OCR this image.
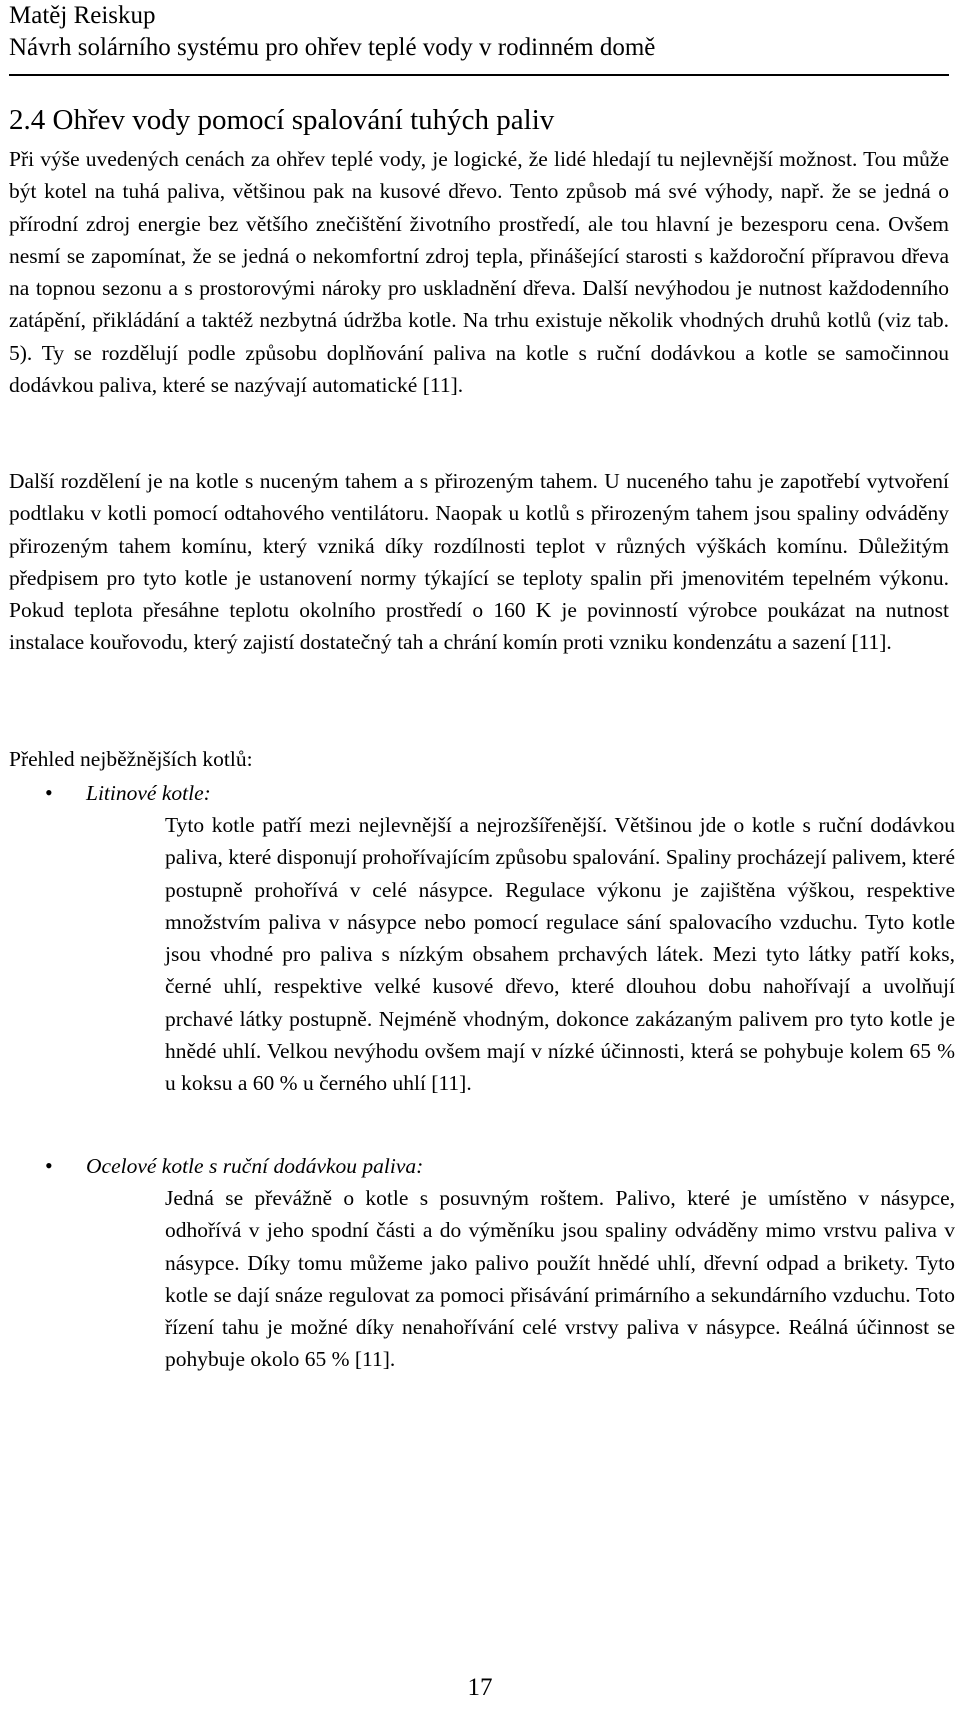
Matěj Reiskup
Návrh solárního systému pro ohřev teplé vody v rodinném domě
2.4 Ohřev vody pomocí spalování tuhých paliv

Při výše uvedených cenách za ohřev teplé vody, je logické, že lidé hledají tu nejlevnější možnost. Tou může být kotel na tuhá paliva, většinou pak na kusové dřevo. Tento způsob má své výhody, např. že se jedná o přírodní zdroj energie bez většího znečištění životního prostředí, ale tou hlavní je bezesporu cena. Ovšem nesmí se zapomínat, že se jedná o nekomfortní zdroj tepla, přinášející starosti s každoroční přípravou dřeva na topnou sezonu a s prostorovými nároky pro uskladnění dřeva. Další nevýhodou je nutnost každodenního zatápění, přikládání a taktéž nezbytná údržba kotle. Na trhu existuje několik vhodných druhů kotlů (viz tab. 5). Ty se rozdělují podle způsobu doplňování paliva na kotle s ruční dodávkou a kotle se samočinnou dodávkou paliva, které se nazývají automatické [11].

Další rozdělení je na kotle s nuceným tahem a s přirozeným tahem. U nuceného tahu je zapotřebí vytvoření podtlaku v kotli pomocí odtahového ventilátoru. Naopak u kotlů s přirozeným tahem jsou spaliny odváděny přirozeným tahem komínu, který vzniká díky rozdílnosti teplot v různých výškách komínu. Důležitým předpisem pro tyto kotle je ustanovení normy týkající se teploty spalin při jmenovitém tepelném výkonu. Pokud teplota přesáhne teplotu okolního prostředí o 160 K je povinností výrobce poukázat na nutnost instalace kouřovodu, který zajistí dostatečný tah a chrání komín proti vzniku kondenzátu a sazení [11].

Přehled nejběžnějších kotlů:
• Litinové kotle:

Tyto kotle patří mezi nejlevnější a nejrozšířenější. Většinou jde o kotle s ruční dodávkou paliva, které disponují prohořívajícím způsobu spalování. Spaliny procházejí palivem, které postupně prohořívá v celé násypce. Regulace výkonu je zajištěna výškou, respektive množstvím paliva v násypce nebo pomocí regulace sání spalovacího vzduchu. Tyto kotle jsou vhodné pro paliva s nízkým obsahem prchavých látek. Mezi tyto látky patří koks, černé uhlí, respektive velké kusové dřevo, které dlouhou dobu nahořívají a uvolňují prchavé látky postupně. Nejméně vhodným, dokonce zakázaným palivem pro tyto kotle je hnědé uhlí. Velkou nevýhodu ovšem mají v nízké účinnosti, která se pohybuje kolem 65 % u koksu a 60 % u černého uhlí [11].

• Ocelové kotle s ruční dodávkou paliva:

Jedná se převážně o kotle s posuvným roštem. Palivo, které je umístěno v násypce, odhořívá v jeho spodní části a do výměníku jsou spaliny odváděny mimo vrstvu paliva v násypce. Díky tomu můžeme jako palivo použít hnědé uhlí, dřevní odpad a brikety. Tyto kotle se dají snáze regulovat za pomoci přisávání primárního a sekundárního vzduchu. Toto řízení tahu je možné díky nenahořívání celé vrstvy paliva v násypce. Reálná účinnost se pohybuje okolo 65 % [11].

17
